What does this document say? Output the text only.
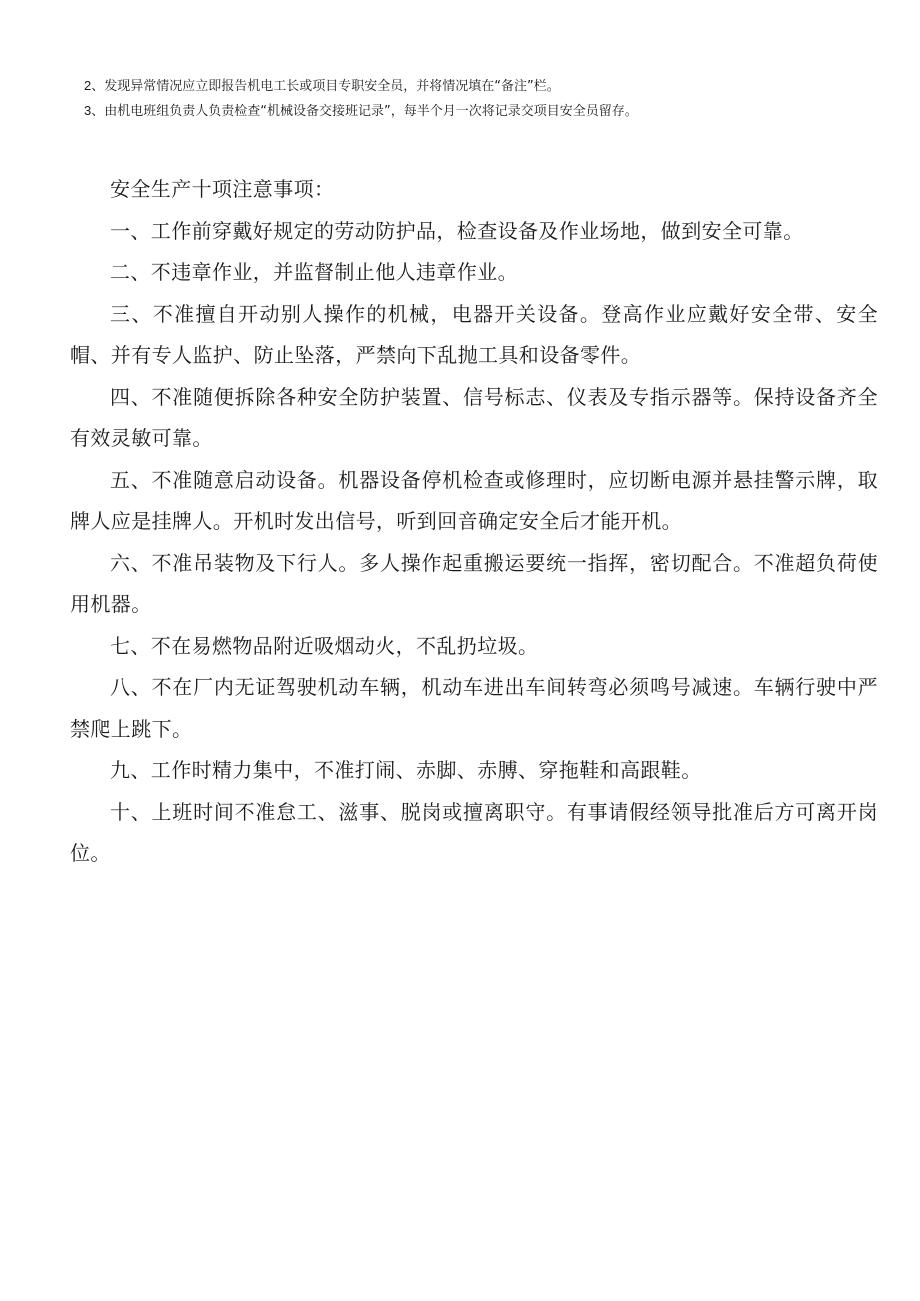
2、发现异常情况应立即报告机电工长或项目专职安全员，并将情况填在“备注”栏。
3、由机电班组负责人负责检查“机械设备交接班记录”，每半个月一次将记录交项目安全员留存。

安全生产十项注意事项：

一、工作前穿戴好规定的劳动防护品，检查设备及作业场地，做到安全可靠。

二、不违章作业，并监督制止他人违章作业。

三、不准擅自开动别人操作的机械，电器开关设备。登高作业应戴好安全带、安全帽、并有专人监护、防止坠落，严禁向下乱抛工具和设备零件。

四、不准随便拆除各种安全防护装置、信号标志、仪表及专指示器等。保持设备齐全有效灵敏可靠。

五、不准随意启动设备。机器设备停机检查或修理时，应切断电源并悬挂警示牌，取牌人应是挂牌人。开机时发出信号，听到回音确定安全后才能开机。

六、不准吊装物及下行人。多人操作起重搬运要统一指挥，密切配合。不准超负荷使用机器。

七、不在易燃物品附近吸烟动火，不乱扔垃圾。

八、不在厂内无证驾驶机动车辆，机动车进出车间转弯必须鸣号减速。车辆行驶中严禁爬上跳下。

九、工作时精力集中，不准打闹、赤脚、赤膊、穿拖鞋和高跟鞋。

十、上班时间不准怠工、滋事、脱岗或擅离职守。有事请假经领导批准后方可离开岗位。
